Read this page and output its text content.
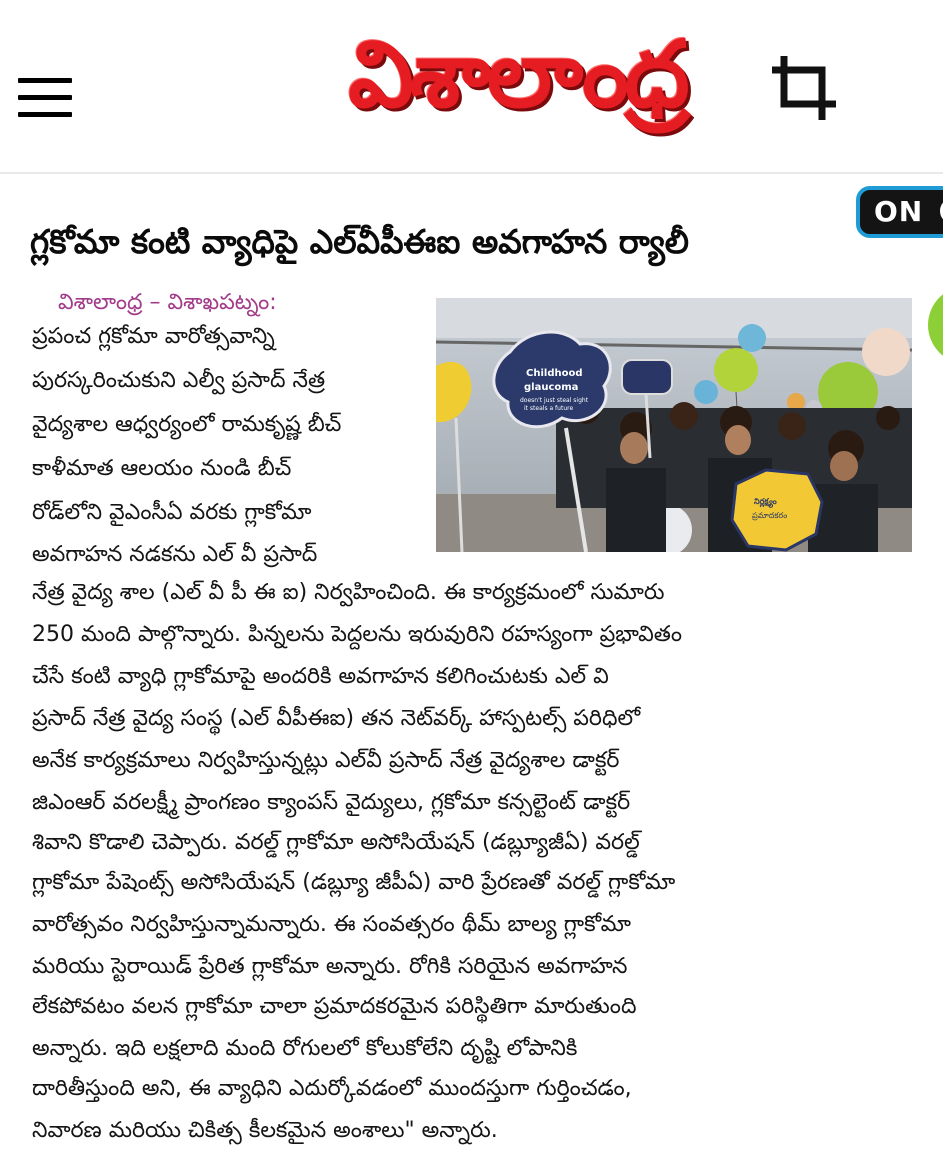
విశాలాంధ్ర
ON
గ్లకోమా కంటి వ్యాధిపై ఎల్‌వీపీఈఐ అవగాహన ర్యాలీ
విశాలాంధ్ర – విశాఖపట్నం:
ప్రపంచ గ్లకోమా వారోత్సవాన్ని
పురస్కరించుకుని ఎల్వీ ప్రసాద్ నేత్ర
వైద్యశాల ఆధ్వర్యంలో రామకృష్ణ బీచ్
కాళీమాత ఆలయం నుండి బీచ్
రోడ్‌లోని వైఎంసీఏ వరకు గ్లాకోమా
అవగాహన నడకను ఎల్ వీ ప్రసాద్
Childhood
glaucoma
doesn't just steal sight
it steals a future
నిర్లక్ష్యం
ప్రమాదకరం
నేత్ర వైద్య శాల (ఎల్ వీ పీ ఈ ఐ) నిర్వహించింది. ఈ కార్యక్రమంలో సుమారు
250 మంది పాల్గొన్నారు. పిన్నలను పెద్దలను ఇరువురిని రహస్యంగా ప్రభావితం
చేసే కంటి వ్యాధి గ్లాకోమాపై అందరికి అవగాహన కలిగించుటకు ఎల్ వి
ప్రసాద్ నేత్ర వైద్య సంస్థ (ఎల్ వీపీఈఐ) తన నెట్‌వర్క్ హాస్పటల్స్ పరిధిలో
అనేక కార్యక్రమాలు నిర్వహిస్తున్నట్లు ఎల్‌వీ ప్రసాద్ నేత్ర వైద్యశాల డాక్టర్
జిఎంఆర్ వరలక్ష్మీ ప్రాంగణం క్యాంపస్ వైద్యులు, గ్లకోమా కన్సల్టెంట్ డాక్టర్
శివాని కొడాలి చెప్పారు. వరల్డ్ గ్లాకోమా అసోసియేషన్ (డబ్ల్యూజీఏ) వరల్డ్
గ్లాకోమా పేషెంట్స్ అసోసియేషన్ (డబ్ల్యూ జీపీఏ) వారి ప్రేరణతో వరల్డ్ గ్లాకోమా
వారోత్సవం నిర్వహిస్తున్నామన్నారు. ఈ సంవత్సరం థీమ్ బాల్య గ్లాకోమా
మరియు స్టెరాయిడ్ ప్రేరిత గ్లాకోమా అన్నారు. రోగికి సరియైన అవగాహన
లేకపోవటం వలన గ్లాకోమా చాలా ప్రమాదకరమైన పరిస్థితిగా మారుతుంది
అన్నారు. ఇది లక్షలాది మంది రోగులలో కోలుకోలేని దృష్టి లోపానికి
దారితీస్తుంది అని, ఈ వ్యాధిని ఎదుర్కోవడంలో ముందస్తుగా గుర్తించడం,
నివారణ మరియు చికిత్స కీలకమైన అంశాలు" అన్నారు.
